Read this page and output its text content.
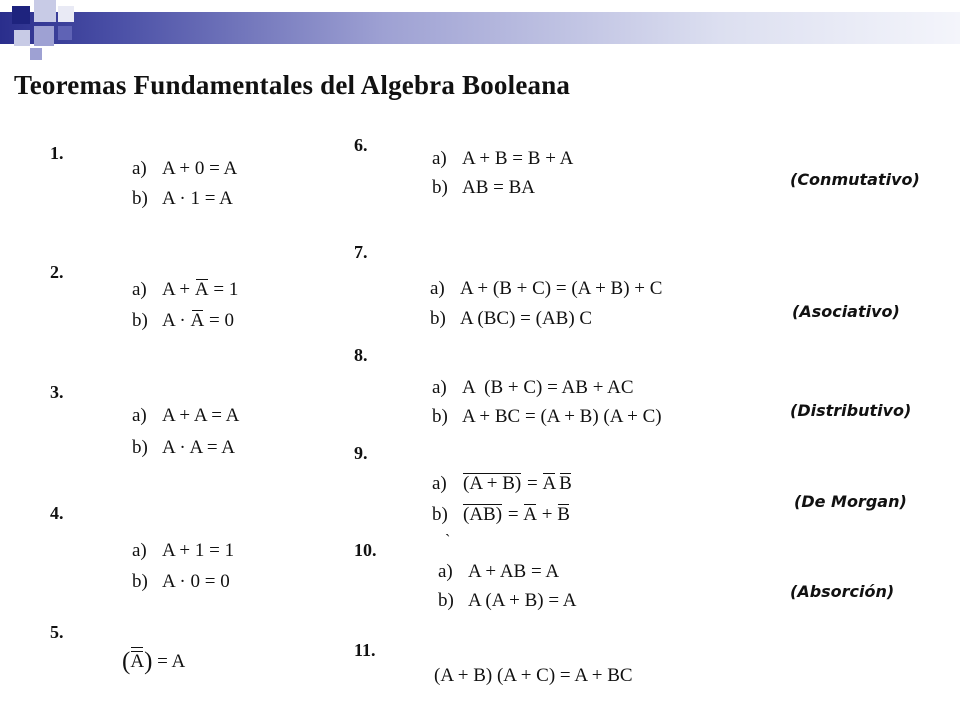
Teoremas Fundamentales del Algebra Booleana
1.
a) A + 0 = A
b) A · 1 = A
2.
a) A + A = 1
b) A · A = 0
3.
a) A + A = A
b) A · A = A
4.
a) A + 1 = 1
b) A · 0 = 0
5.
(A) = A
6.
a) A + B = B + A
b) AB = BA	(Conmutativo)
7.
a) A + (B + C) = (A + B) + C
b) A (BC) = (AB) C	(Asociativo)
8.
a) A  (B + C) = AB + AC
b) A + BC = (A + B) (A + C)	(Distributivo)
9.
a) (A + B) = A B
b) (AB) = A + B
(De Morgan)
`
10.
a) A + AB = A
b) A (A + B) = A	(Absorción)
11.
(A + B) (A + C) = A + BC
